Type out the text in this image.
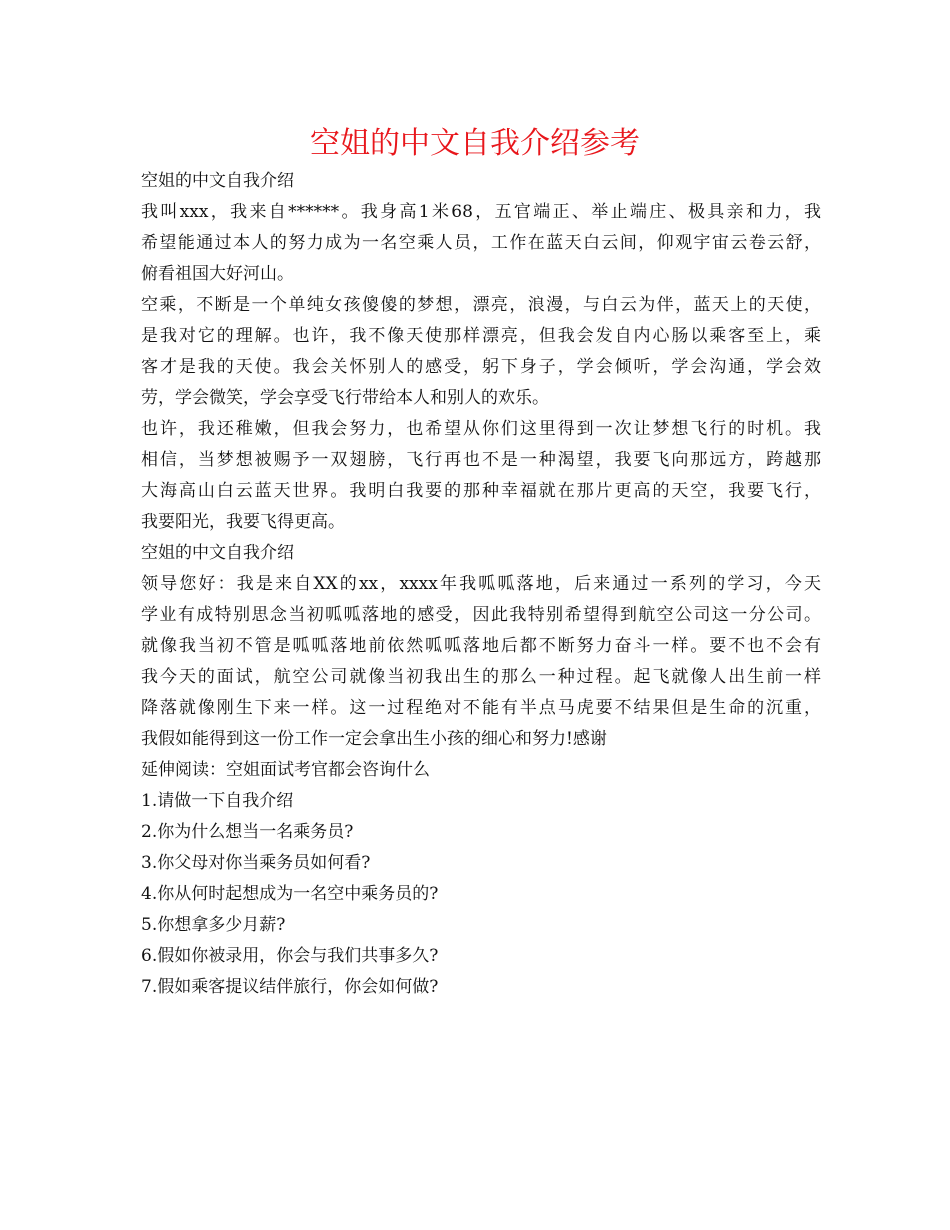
空姐的中文自我介绍参考
空姐的中文自我介绍
我叫xxx，我来自******。我身高1米68，五官端正、举止端庄、极具亲和力，我
希望能通过本人的努力成为一名空乘人员，工作在蓝天白云间，仰观宇宙云卷云舒，
俯看祖国大好河山。
空乘，不断是一个单纯女孩傻傻的梦想，漂亮，浪漫，与白云为伴，蓝天上的天使，
是我对它的理解。也许，我不像天使那样漂亮，但我会发自内心肠以乘客至上，乘
客才是我的天使。我会关怀别人的感受，躬下身子，学会倾听，学会沟通，学会效
劳，学会微笑，学会享受飞行带给本人和别人的欢乐。
也许，我还稚嫩，但我会努力，也希望从你们这里得到一次让梦想飞行的时机。我
相信，当梦想被赐予一双翅膀，飞行再也不是一种渴望，我要飞向那远方，跨越那
大海高山白云蓝天世界。我明白我要的那种幸福就在那片更高的天空，我要飞行，
我要阳光，我要飞得更高。
空姐的中文自我介绍
领导您好：我是来自XX的xx，xxxx年我呱呱落地，后来通过一系列的学习，今天
学业有成特别思念当初呱呱落地的感受，因此我特别希望得到航空公司这一分公司。
就像我当初不管是呱呱落地前依然呱呱落地后都不断努力奋斗一样。要不也不会有
我今天的面试，航空公司就像当初我出生的那么一种过程。起飞就像人出生前一样
降落就像刚生下来一样。这一过程绝对不能有半点马虎要不结果但是生命的沉重，
我假如能得到这一份工作一定会拿出生小孩的细心和努力!感谢
延伸阅读：空姐面试考官都会咨询什么
1.请做一下自我介绍
2.你为什么想当一名乘务员?
3.你父母对你当乘务员如何看?
4.你从何时起想成为一名空中乘务员的?
5.你想拿多少月薪?
6.假如你被录用，你会与我们共事多久?
7.假如乘客提议结伴旅行，你会如何做?
